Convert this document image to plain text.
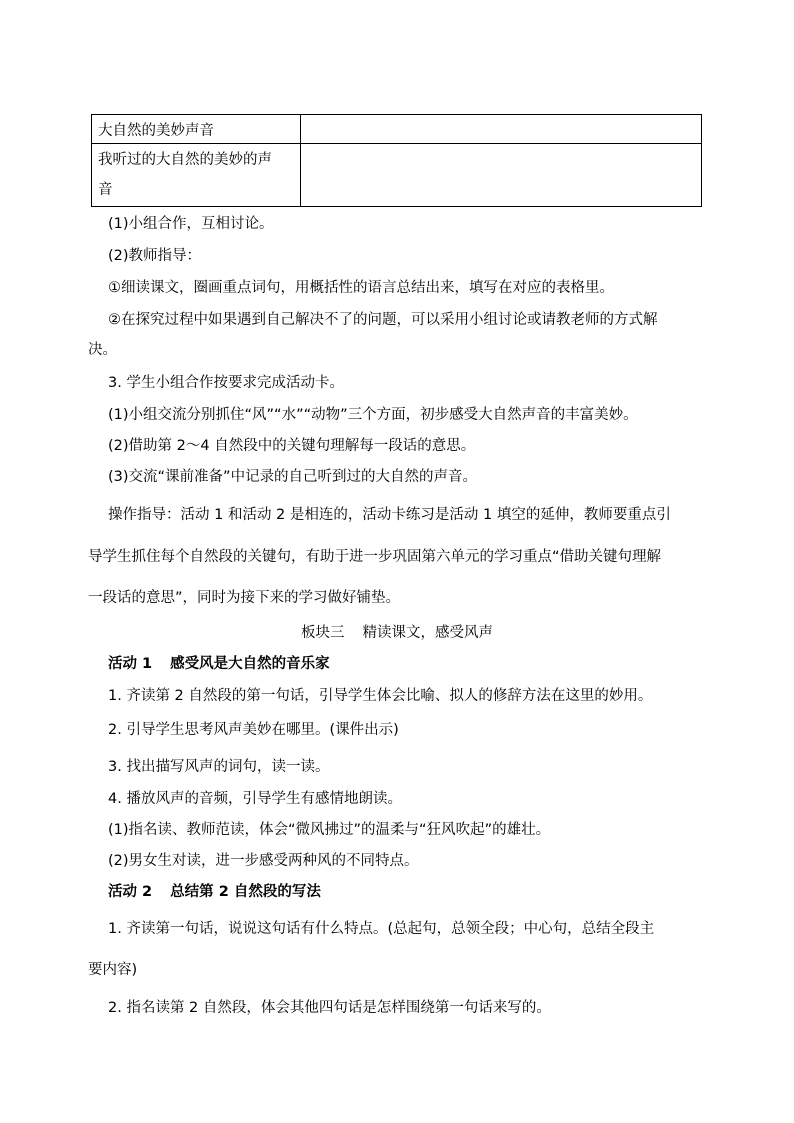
大自然的美妙声音	
我听过的大自然的美妙的声
音	
(1)小组合作，互相讨论。
(2)教师指导：
①细读课文，圈画重点词句，用概括性的语言总结出来，填写在对应的表格里。
②在探究过程中如果遇到自己解决不了的问题，可以采用小组讨论或请教老师的方式解
决。
3. 学生小组合作按要求完成活动卡。
(1)小组交流分别抓住“风”“水”“动物”三个方面，初步感受大自然声音的丰富美妙。
(2)借助第 2～4 自然段中的关键句理解每一段话的意思。
(3)交流“课前准备”中记录的自己听到过的大自然的声音。
操作指导：活动 1 和活动 2 是相连的，活动卡练习是活动 1 填空的延伸，教师要重点引
导学生抓住每个自然段的关键句，有助于进一步巩固第六单元的学习重点“借助关键句理解
一段话的意思”，同时为接下来的学习做好铺垫。
板块三 精读课文，感受风声
活动 1 感受风是大自然的音乐家
1. 齐读第 2 自然段的第一句话，引导学生体会比喻、拟人的修辞方法在这里的妙用。
2. 引导学生思考风声美妙在哪里。(课件出示)
3. 找出描写风声的词句，读一读。
4. 播放风声的音频，引导学生有感情地朗读。
(1)指名读、教师范读，体会“微风拂过”的温柔与“狂风吹起”的雄壮。
(2)男女生对读，进一步感受两种风的不同特点。
活动 2 总结第 2 自然段的写法
1. 齐读第一句话，说说这句话有什么特点。(总起句，总领全段；中心句，总结全段主
要内容)
2. 指名读第 2 自然段，体会其他四句话是怎样围绕第一句话来写的。
